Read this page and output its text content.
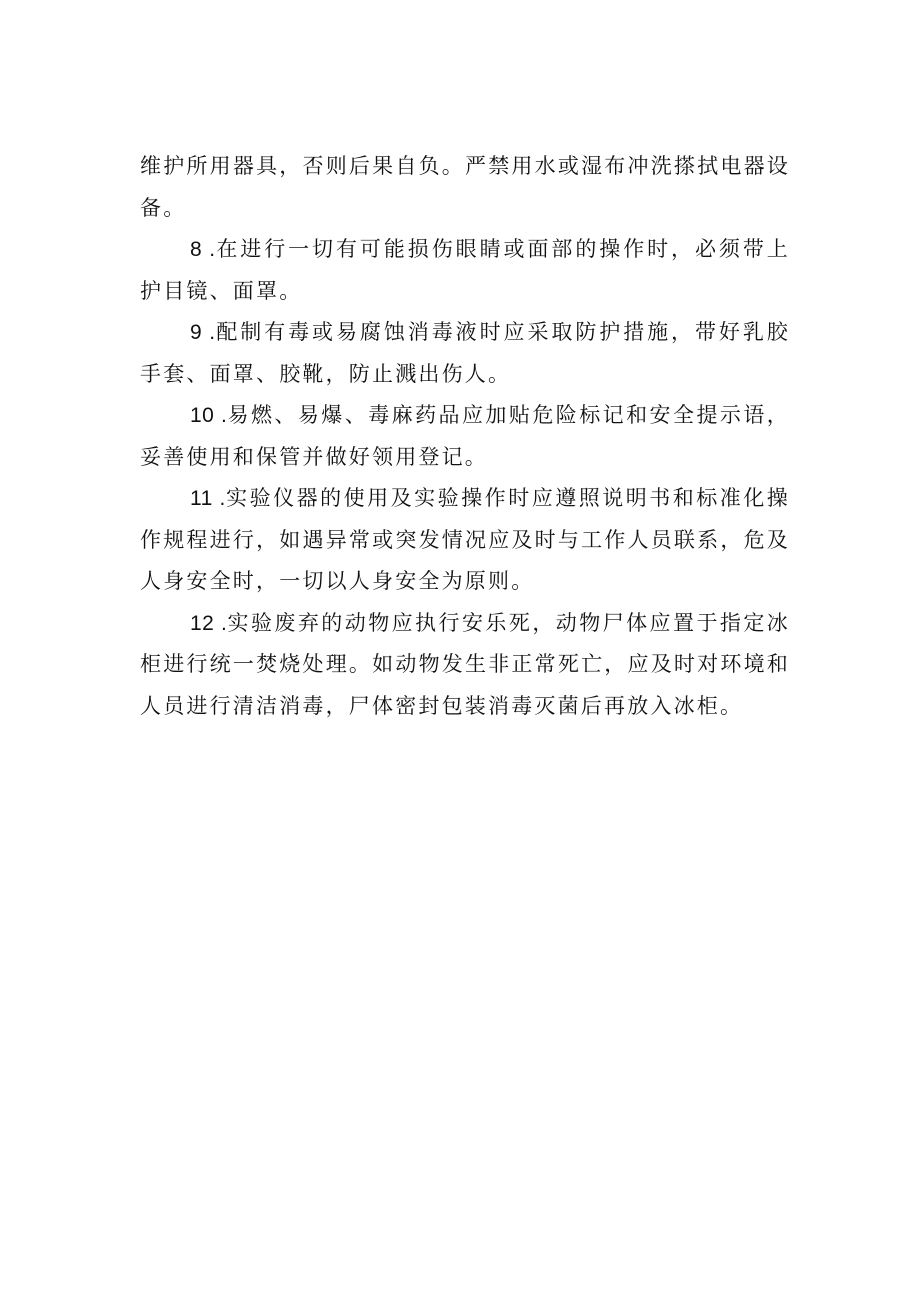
维护所用器具，否则后果自负。严禁用水或湿布冲洗搽拭电器设备。

8 .在进行一切有可能损伤眼睛或面部的操作时，必须带上护目镜、面罩。

9 .配制有毒或易腐蚀消毒液时应采取防护措施，带好乳胶手套、面罩、胶靴，防止溅出伤人。

10 .易燃、易爆、毒麻药品应加贴危险标记和安全提示语，妥善使用和保管并做好领用登记。

11 .实验仪器的使用及实验操作时应遵照说明书和标准化操作规程进行，如遇异常或突发情况应及时与工作人员联系，危及人身安全时，一切以人身安全为原则。

12 .实验废弃的动物应执行安乐死，动物尸体应置于指定冰柜进行统一焚烧处理。如动物发生非正常死亡，应及时对环境和人员进行清洁消毒，尸体密封包装消毒灭菌后再放入冰柜。
